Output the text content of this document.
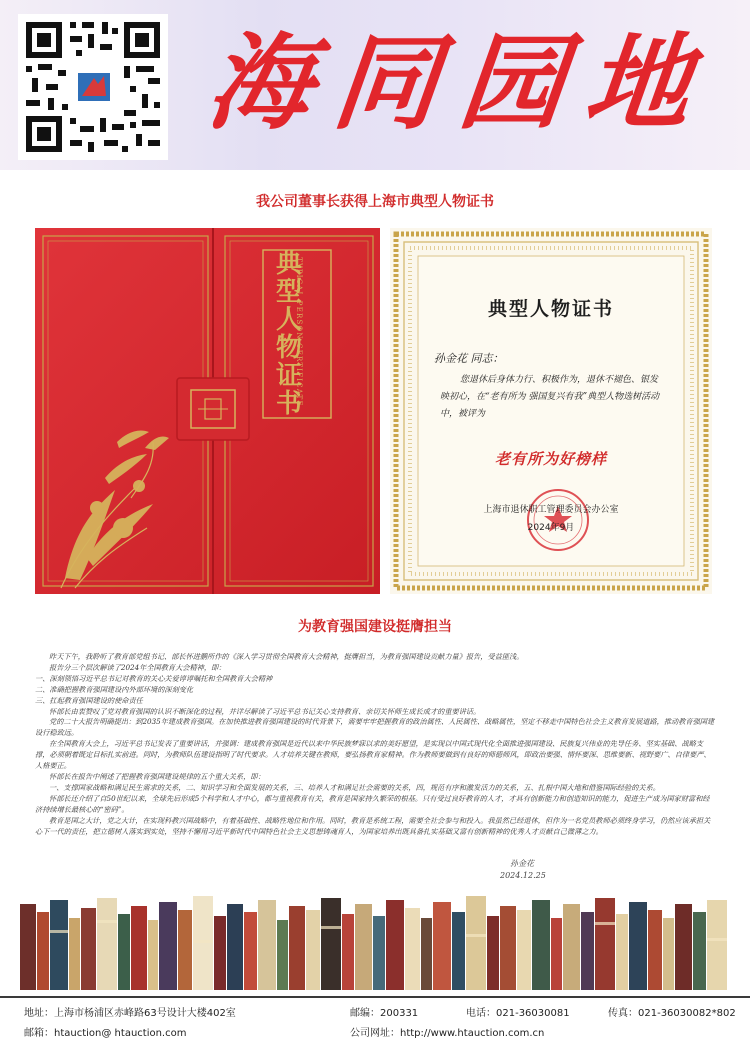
海同园地
我公司董事长获得上海市典型人物证书
典
型
人
物
证
书
TYPICAL PERSON CERTIFICATE	典型人物证书
孙金花 同志：
您退休后身体力行、积极作为，退休不褪色、银发映初心，在“老有所为 强国复兴有我”典型人物选树活动中，被评为
老有所为好榜样
上海市退休职工管理委员会办公室
2024年9月
为教育强国建设挺膺担当

昨天下午，我聆听了教育部党组书记、部长怀进鹏所作的《深入学习贯彻全国教育大会精神，挺膺担当，为教育强国建设贡献力量》报告，受益匪浅。

报告分三个层次解读了2024年全国教育大会精神，即：

一、深刻领悟习近平总书记对教育的关心关爱谆谆嘱托和全国教育大会精神

二、准确把握教育强国建设内外部环境的深刻变化

三、扛起教育强国建设的使命责任

怀部长由衷赞叹了党对教育强国的认识不断深化的过程，并详尽解读了习近平总书记关心支持教育、亲切关怀师生成长成才的重要讲话。

党的二十大报告明确提出：到2035年建成教育强国。在加快推进教育强国建设的时代背景下，需要牢牢把握教育的政治属性、人民属性、战略属性，坚定不移走中国特色社会主义教育发展道路，推动教育强国建设行稳致远。

在全国教育大会上，习近平总书记发表了重要讲话，并强调：建成教育强国是近代以来中华民族梦寐以求的美好愿望，是实现以中国式现代化全面推进强国建设、民族复兴伟业的先导任务、坚实基础、战略支撑，必须朝着既定目标扎实前进。同时，为教师队伍建设指明了时代要求。人才培养关键在教师，要弘扬教育家精神。作为教师要做到有良好的师德师风，即政治要强、情怀要深、思维要新、视野要广、自律要严、人格要正。

怀部长在报告中阐述了把握教育强国建设规律的五个重大关系，即：

一、支撑国家战略和满足民生需求的关系，二、知识学习和全面发展的关系，三、培养人才和满足社会需要的关系，四，规范有序和激发活力的关系，五、扎根中国大地和借鉴国际经验的关系。

怀部长还介绍了自50世纪以来，全球先后形成5个科学和人才中心，都与重视教育有关，教育是国家持久繁荣的根基。只有受过良好教育的人才，才具有创新能力和创造知识的能力，促进生产成为国家财富和经济持续增长最核心的“密码”。

教育是国之大计，党之大计，在实现科教兴国战略中，有着基础性、战略性地位和作用。同时，教育是系统工程，需要全社会参与和投入。我虽然已经退休，但作为一名党员教师必须终身学习，仍然应该承担关心下一代的责任，把立德树人落实到实处，坚持不懈用习近平新时代中国特色社会主义思想铸魂育人，为国家培养出既具备扎实基础又富有创新精神的优秀人才贡献自己微薄之力。

孙金花
2024.12.25
地址：上海市杨浦区赤峰路63号设计大楼402室	邮编：200331	电话：021-36030081	传真：021-36030082*802
邮箱：htauction@ htauction.com	公司网址：http://www.htauction.com.cn
